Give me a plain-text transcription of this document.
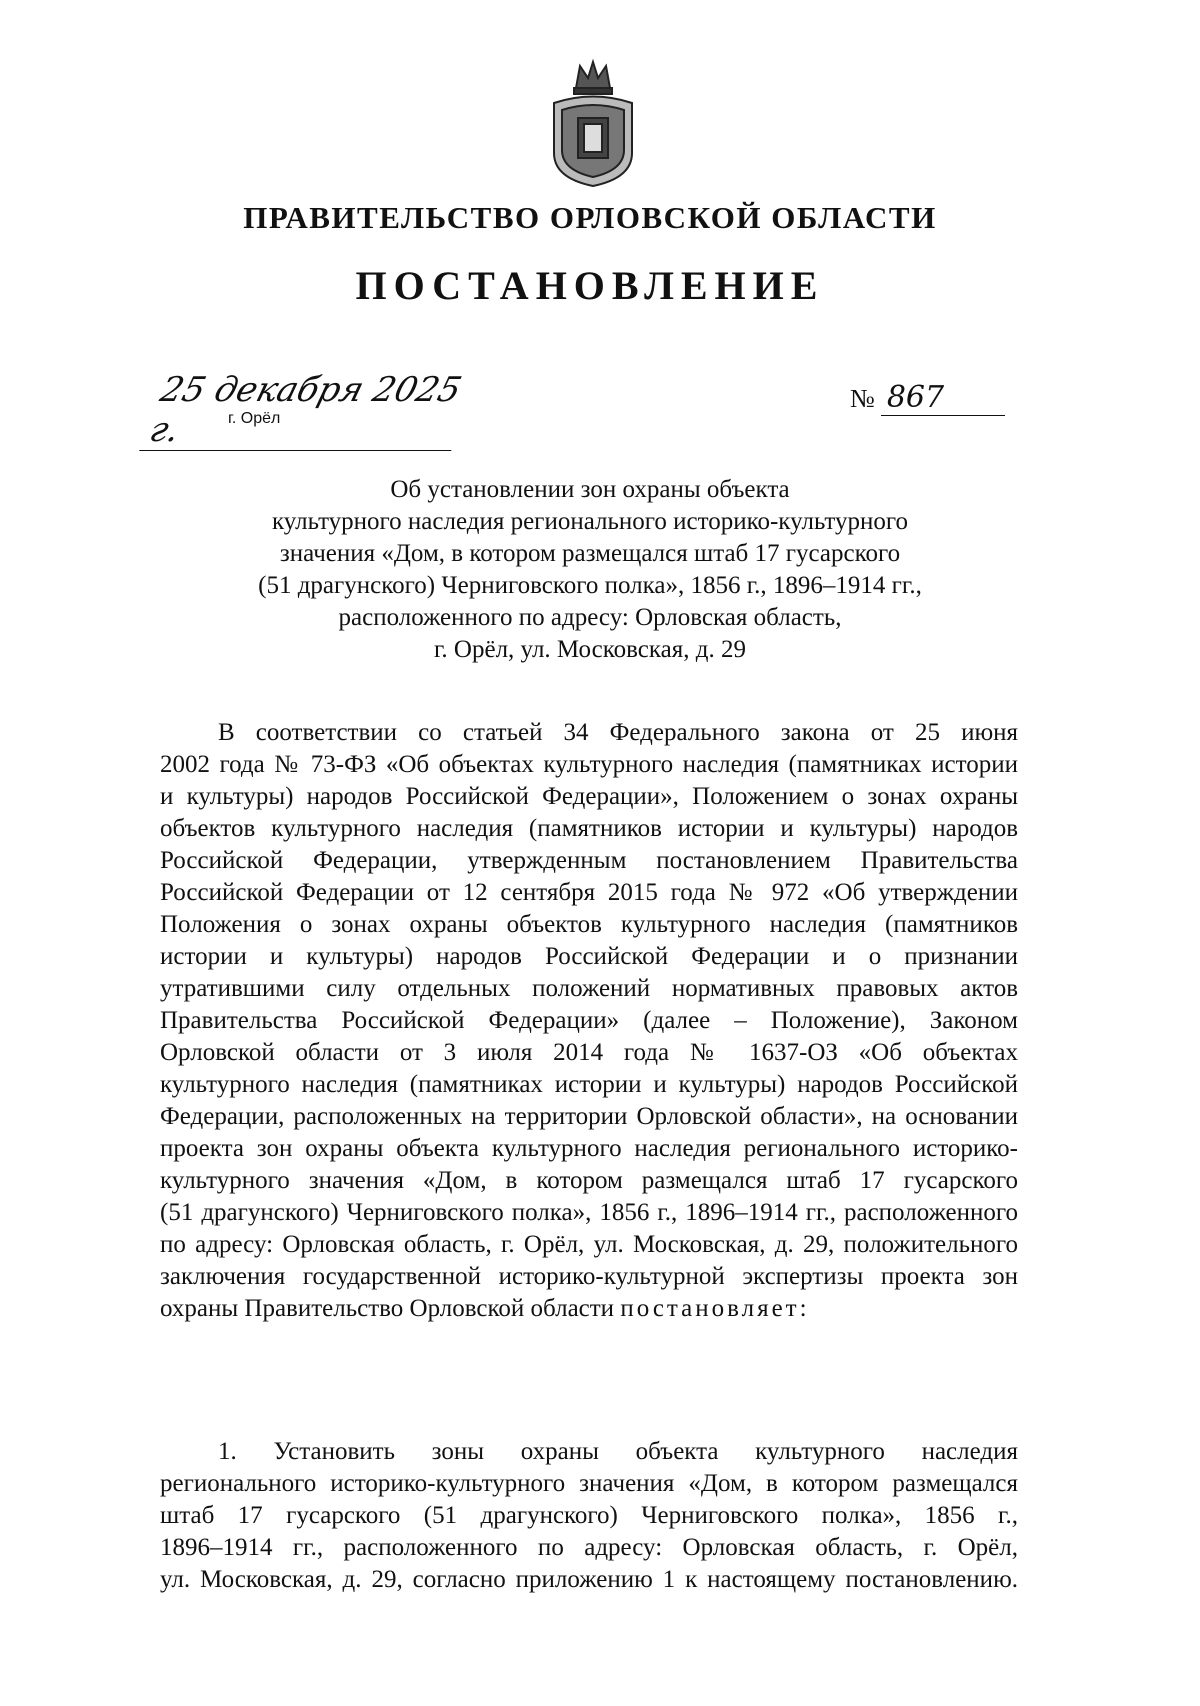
ПРАВИТЕЛЬСТВО ОРЛОВСКОЙ ОБЛАСТИ
ПОСТАНОВЛЕНИЕ
25 декабря 2025 г.	г. Орёл
№ 867
Об установлении зон охраны объекта
культурного наследия регионального историко-культурного
значения «Дом, в котором размещался штаб 17 гусарского
(51 драгунского) Черниговского полка», 1856 г., 1896–1914 гг.,
расположенного по адресу: Орловская область,
г. Орёл, ул. Московская, д. 29
В соответствии со статьей 34 Федерального закона от 25 июня
2002 года № 73-ФЗ «Об объектах культурного наследия (памятниках истории
и культуры) народов Российской Федерации», Положением о зонах охраны
объектов культурного наследия (памятников истории и культуры) народов
Российской Федерации, утвержденным постановлением Правительства
Российской Федерации от 12 сентября 2015 года № 972 «Об утверждении
Положения о зонах охраны объектов культурного наследия (памятников
истории и культуры) народов Российской Федерации и о признании
утратившими силу отдельных положений нормативных правовых актов
Правительства Российской Федерации» (далее – Положение), Законом
Орловской области от 3 июля 2014 года № 1637-ОЗ «Об объектах
культурного наследия (памятниках истории и культуры) народов Российской
Федерации, расположенных на территории Орловской области», на основании
проекта зон охраны объекта культурного наследия регионального историко-
культурного значения «Дом, в котором размещался штаб 17 гусарского
(51 драгунского) Черниговского полка», 1856 г., 1896–1914 гг., расположенного
по адресу: Орловская область, г. Орёл, ул. Московская, д. 29, положительного
заключения государственной историко-культурной экспертизы проекта зон
охраны Правительство Орловской области постановляет:
1. Установить зоны охраны объекта культурного наследия
регионального историко-культурного значения «Дом, в котором размещался
штаб 17 гусарского (51 драгунского) Черниговского полка», 1856 г.,
1896–1914 гг., расположенного по адресу: Орловская область, г. Орёл,
ул. Московская, д. 29, согласно приложению 1 к настоящему постановлению.
